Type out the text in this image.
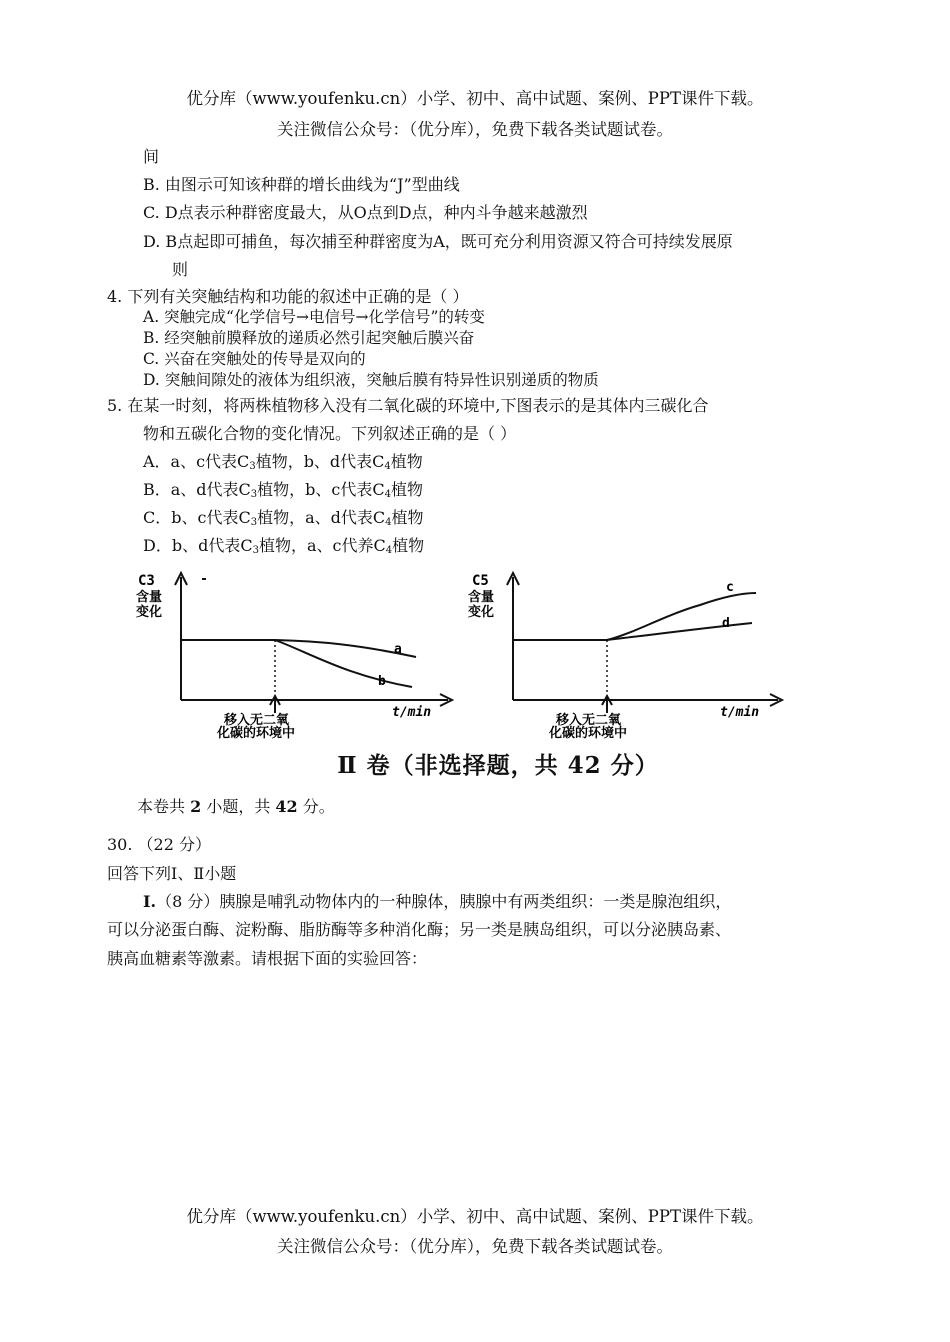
优分库（www.youfenku.cn）小学、初中、高中试题、案例、PPT课件下载。
关注微信公众号：（优分库），免费下载各类试题试卷。
间
B. 由图示可知该种群的增长曲线为“J”型曲线
C. D点表示种群密度最大，从O点到D点，种内斗争越来越激烈
D. B点起即可捕鱼，每次捕至种群密度为A，既可充分利用资源又符合可持续发展原
则
4. 下列有关突触结构和功能的叙述中正确的是（ ）
A. 突触完成“化学信号→电信号→化学信号”的转变
B. 经突触前膜释放的递质必然引起突触后膜兴奋
C. 兴奋在突触处的传导是双向的
D. 突触间隙处的液体为组织液，突触后膜有特异性识别递质的物质
5. 在某一时刻，将两株植物移入没有二氧化碳的环境中,下图表示的是其体内三碳化合
物和五碳化合物的变化情况。下列叙述正确的是（ ）
A．a、c代表$C_3$植物，b、d代表$C_4$植物
B．a、d代表$C_3$植物，b、c代表$C_4$植物
C．b、c代表$C_3$植物，a、d代表$C_4$植物
D．b、d代表$C_3$植物，a、c代养$C_4$植物
C3
含量
变化
a
b
t/min
移入无二氧
化碳的环境中
C5
含量
变化
c
d
t/min
移入无二氧
化碳的环境中
Ⅱ 卷（非选择题，共 42 分）
本卷共 2 小题，共 42 分。
30. （22 分）
回答下列Ⅰ、Ⅱ小题
I.（8 分）胰腺是哺乳动物体内的一种腺体，胰腺中有两类组织：一类是腺泡组织，
可以分泌蛋白酶、淀粉酶、脂肪酶等多种消化酶；另一类是胰岛组织，可以分泌胰岛素、
胰高血糖素等激素。请根据下面的实验回答：
优分库（www.youfenku.cn）小学、初中、高中试题、案例、PPT课件下载。
关注微信公众号：（优分库），免费下载各类试题试卷。
